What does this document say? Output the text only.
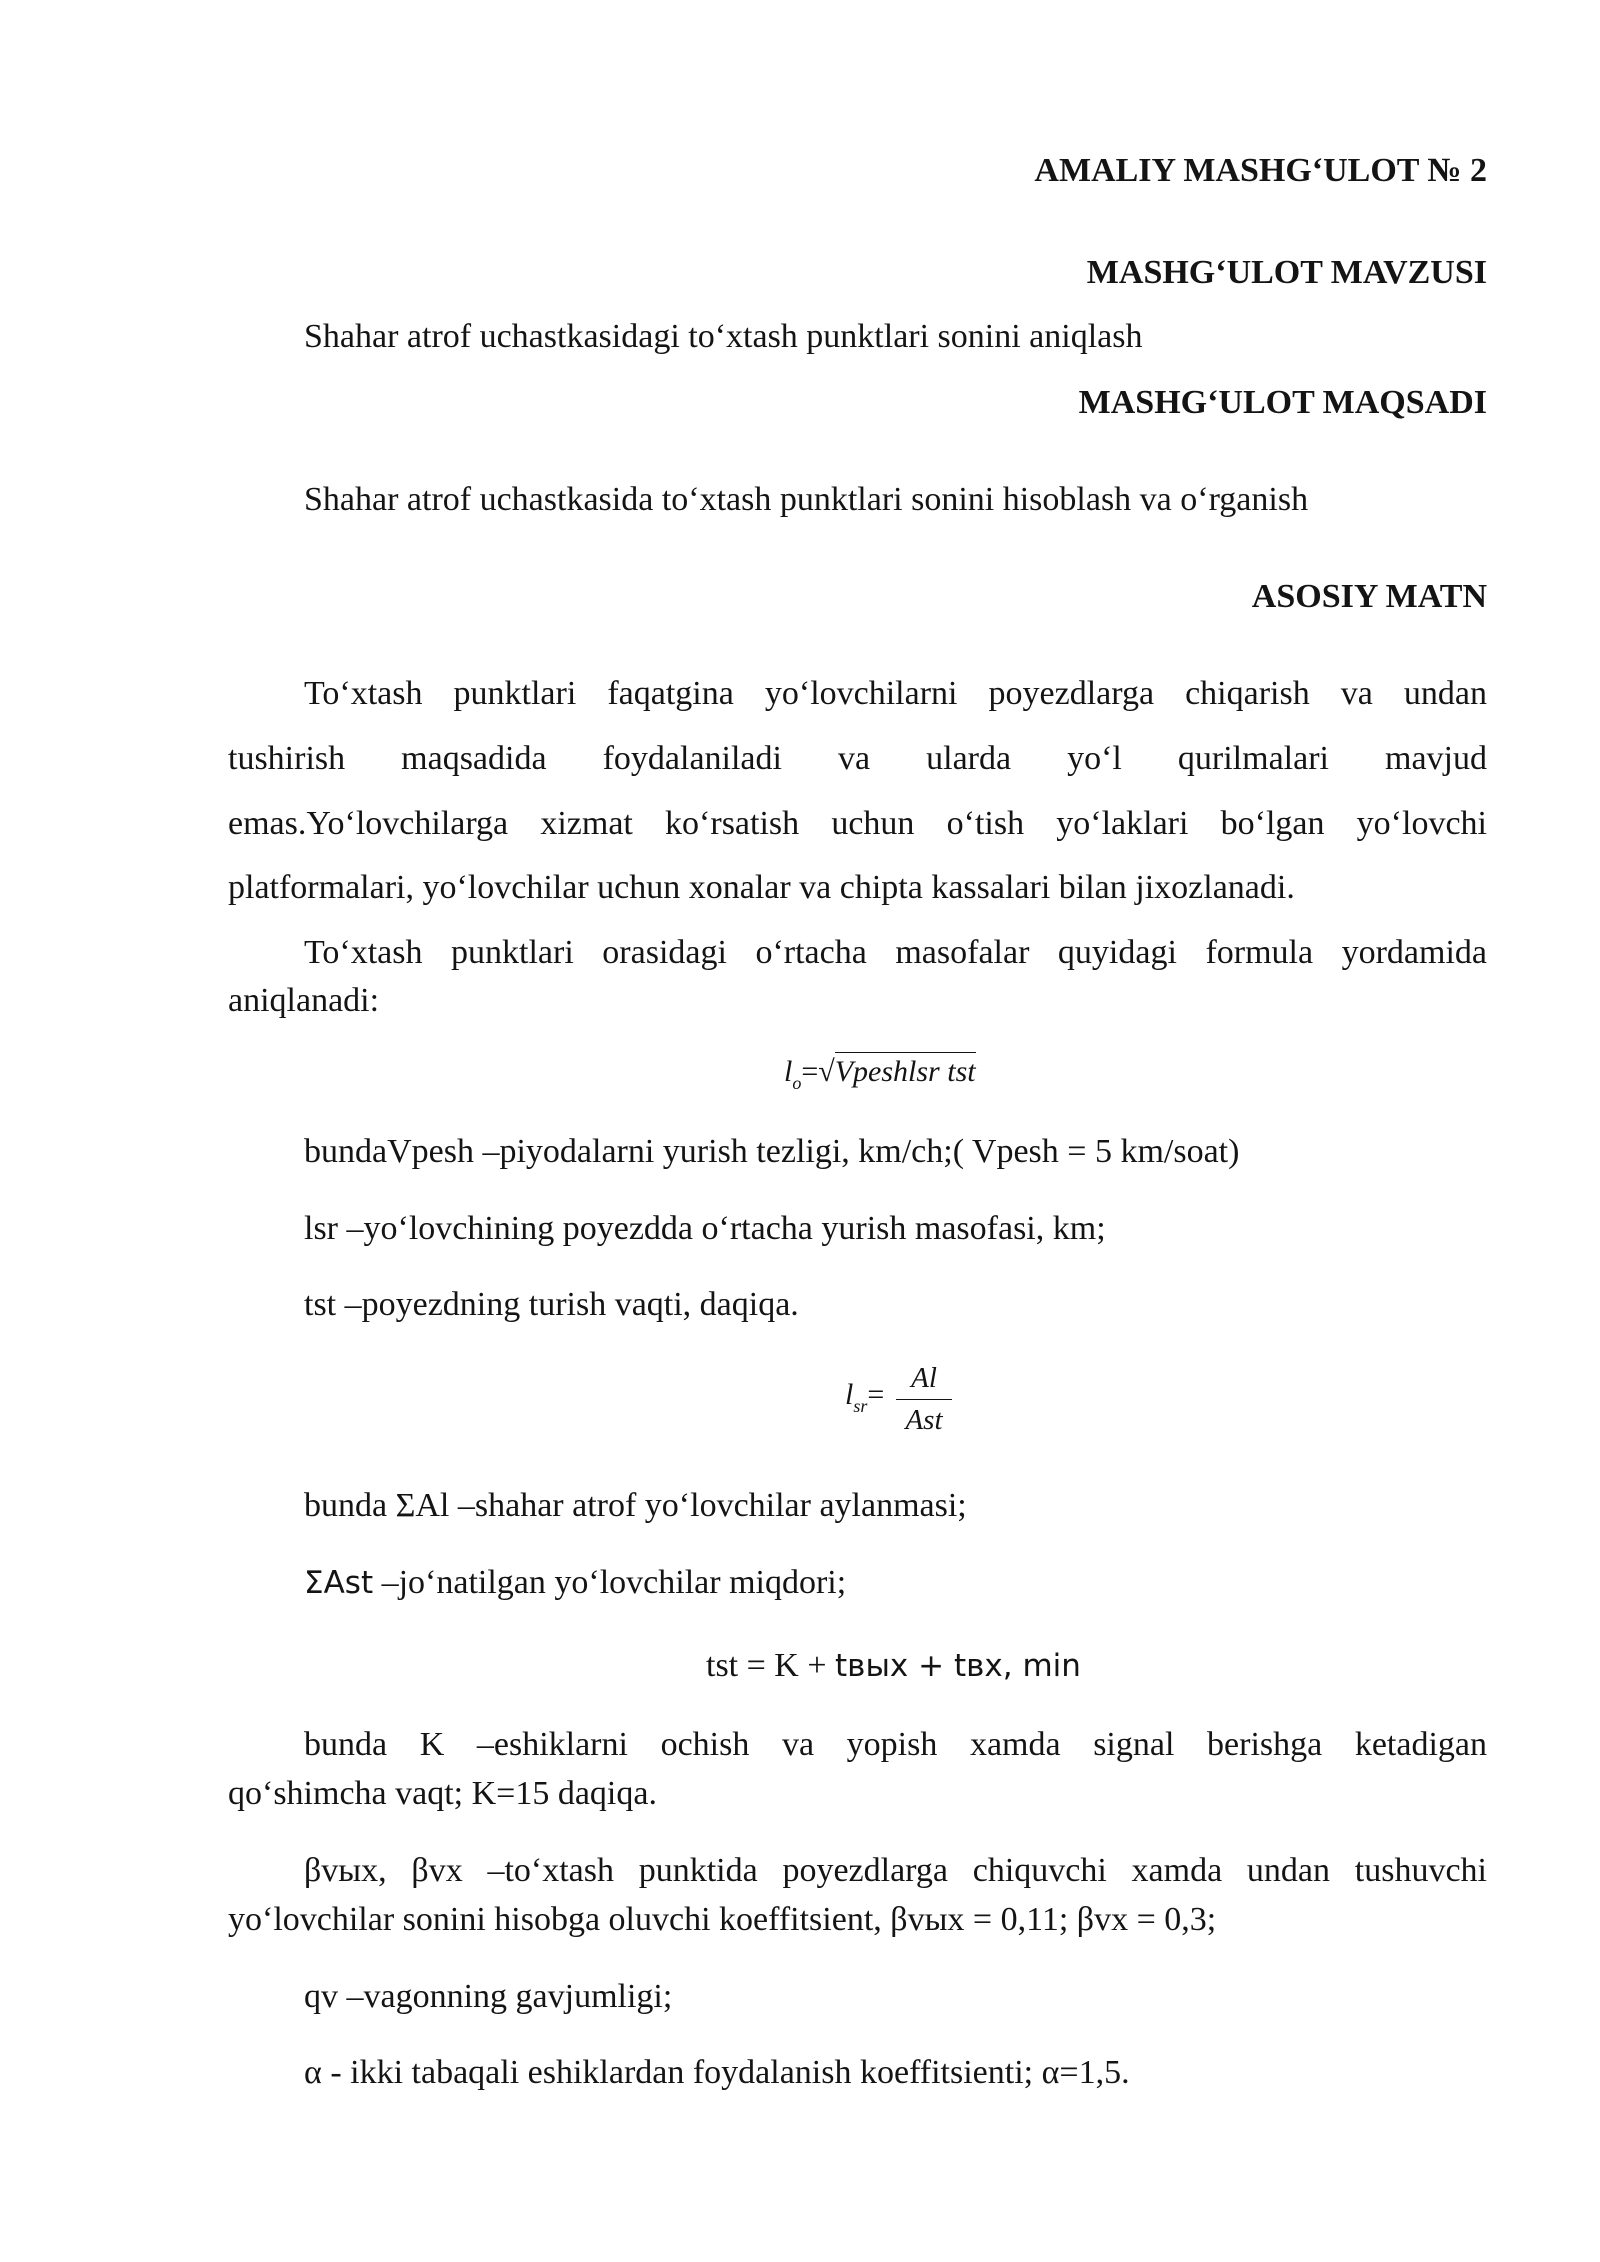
AMALIY MASHG‘ULOT № 2
MASHG‘ULOT MAVZUSI
Shahar atrof uchastkasidagi to‘xtash punktlari sonini aniqlash
MASHG‘ULOT MAQSADI
Shahar atrof uchastkasida to‘xtash punktlari sonini hisoblash va o‘rganish
ASOSIY MATN
To‘xtash punktlari faqatgina yo‘lovchilarni poyezdlarga chiqarish va undan
tushirish maqsadida foydalaniladi va ularda yo‘l qurilmalari mavjud
emas.Yo‘lovchilarga xizmat ko‘rsatish uchun o‘tish yo‘laklari bo‘lgan yo‘lovchi
platformalari, yo‘lovchilar uchun xonalar va chipta kassalari bilan jixozlanadi.
To‘xtash punktlari orasidagi o‘rtacha masofalar quyidagi formula yordamida
aniqlanadi:
$l_o=√Vpeshlsr$ tst
bundaVpesh –piyodalarni yurish tezligi, km/ch;( Vpesh = 5 km/soat)
lsr –yo‘lovchining poyezdda o‘rtacha yurish masofasi, km;
tst –poyezdning turish vaqti, daqiqa.
$l_{sr}= Al$
Ast
bunda ΣAl –shahar atrof yo‘lovchilar aylanmasi;
ΣAst –jo‘natilgan yo‘lovchilar miqdori;
tst = K + tвых + tвх, min
bunda K –eshiklarni ochish va yopish xamda signal berishga ketadigan
qo‘shimcha vaqt; K=15 daqiqa.
βvых, βvх –to‘xtash punktida poyezdlarga chiquvchi xamda undan tushuvchi
yo‘lovchilar sonini hisobga oluvchi koeffitsient, βvых = 0,11; βvх = 0,3;
qv –vagonning gavjumligi;
α - ikki tabaqali eshiklardan foydalanish koeffitsienti; α=1,5.
